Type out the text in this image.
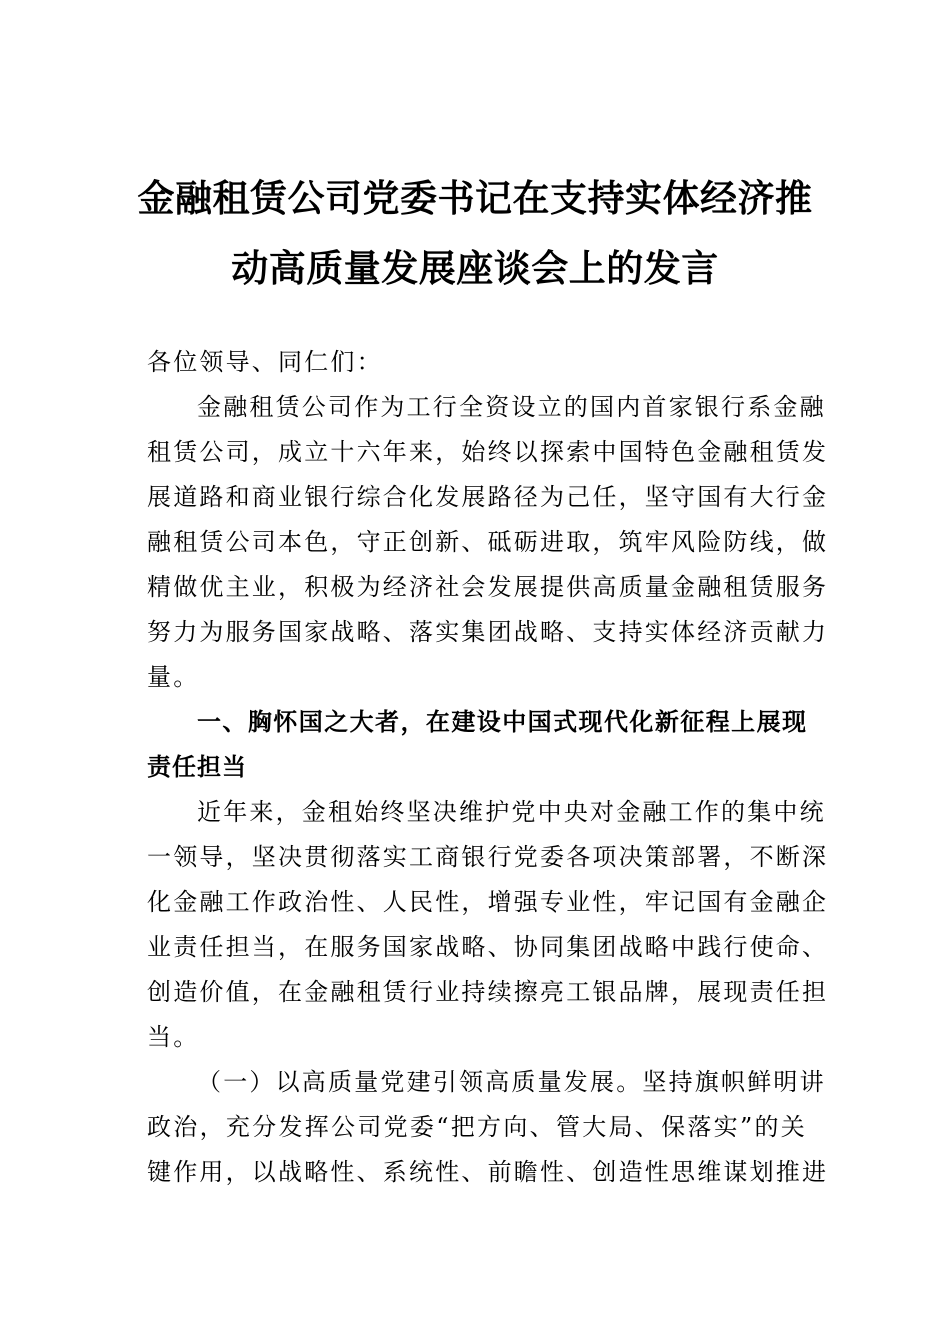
金融租赁公司党委书记在支持实体经济推
动高质量发展座谈会上的发言
各位领导、同仁们：
金融租赁公司作为工行全资设立的国内首家银行系金融
租赁公司，成立十六年来，始终以探索中国特色金融租赁发
展道路和商业银行综合化发展路径为己任，坚守国有大行金
融租赁公司本色，守正创新、砥砺进取，筑牢风险防线，做
精做优主业，积极为经济社会发展提供高质量金融租赁服务
努力为服务国家战略、落实集团战略、支持实体经济贡献力
量。
一、胸怀国之大者，在建设中国式现代化新征程上展现
责任担当
近年来，金租始终坚决维护党中央对金融工作的集中统
一领导，坚决贯彻落实工商银行党委各项决策部署，不断深
化金融工作政治性、人民性，增强专业性，牢记国有金融企
业责任担当，在服务国家战略、协同集团战略中践行使命、
创造价值，在金融租赁行业持续擦亮工银品牌，展现责任担
当。
（一）以高质量党建引领高质量发展。坚持旗帜鲜明讲
政治，充分发挥公司党委“把方向、管大局、保落实”的关
键作用，以战略性、系统性、前瞻性、创造性思维谋划推进
